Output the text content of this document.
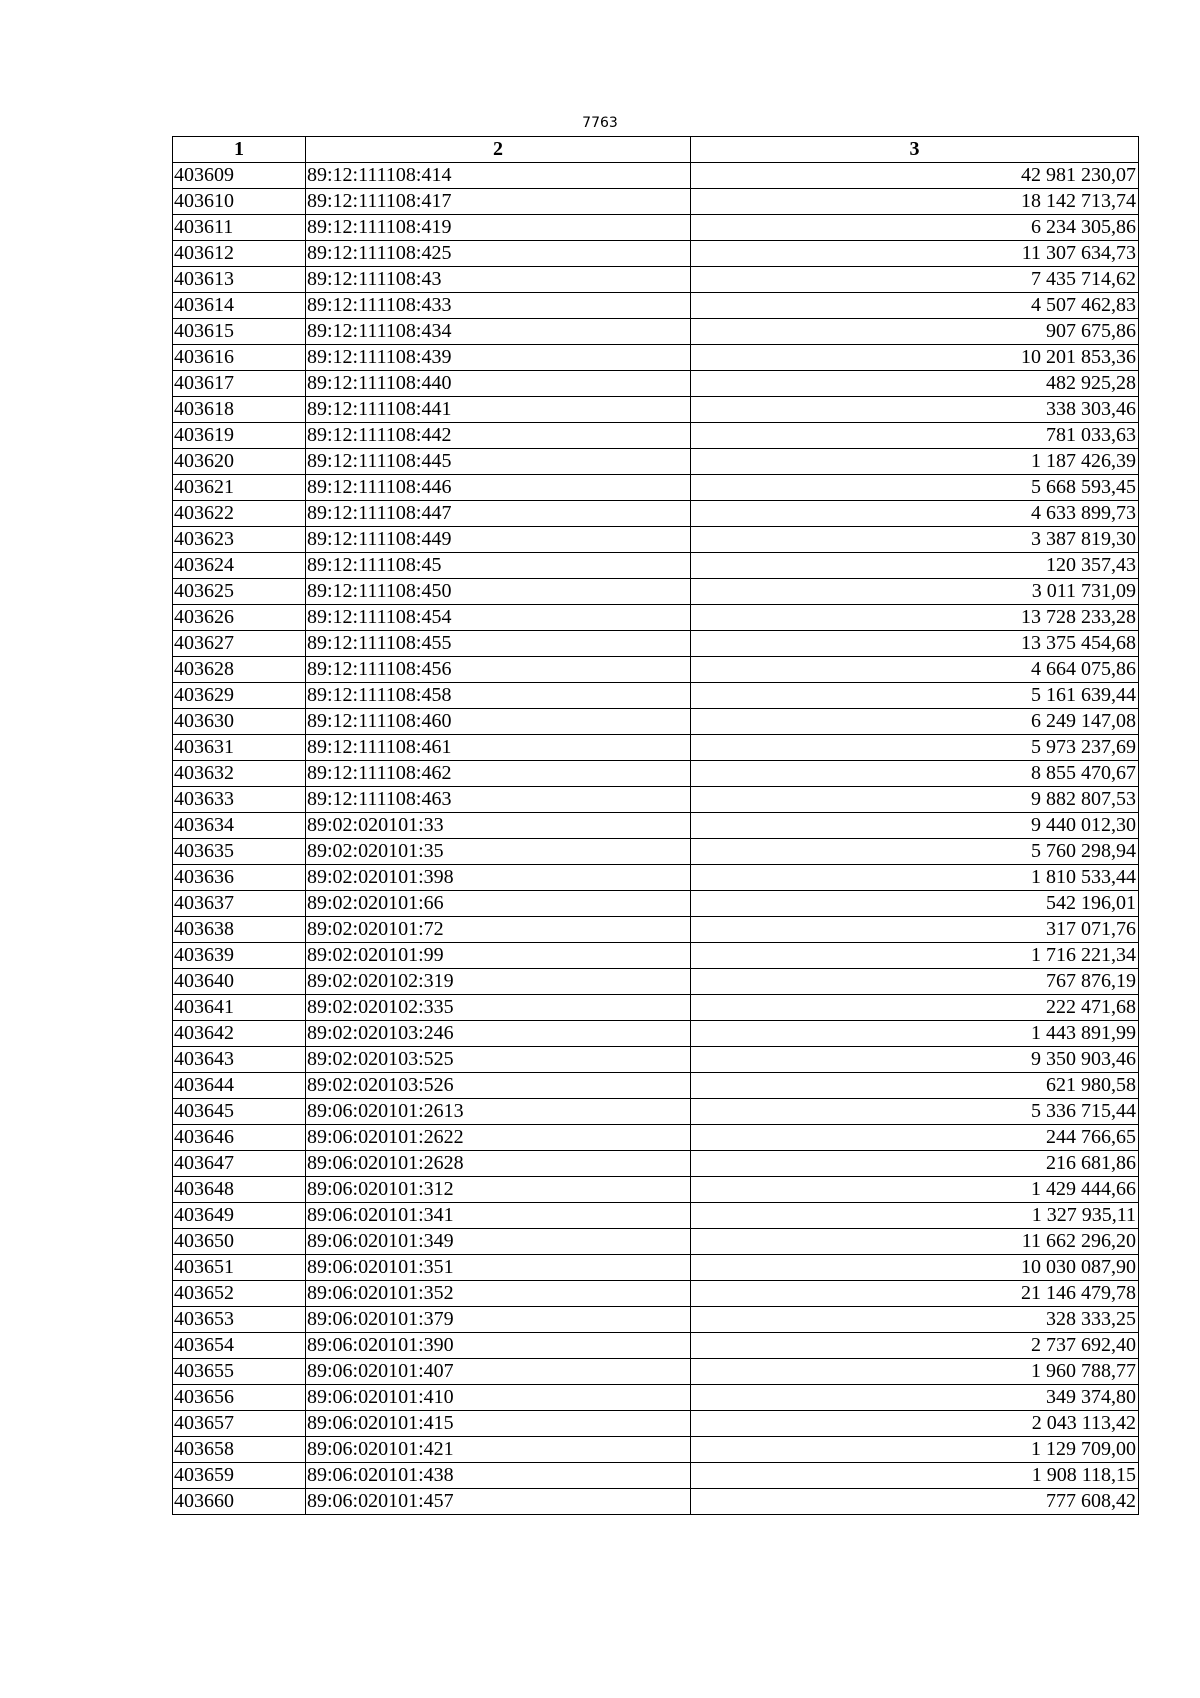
7763
1	2	3
403609	89:12:111108:414	42 981 230,07
403610	89:12:111108:417	18 142 713,74
403611	89:12:111108:419	6 234 305,86
403612	89:12:111108:425	11 307 634,73
403613	89:12:111108:43	7 435 714,62
403614	89:12:111108:433	4 507 462,83
403615	89:12:111108:434	907 675,86
403616	89:12:111108:439	10 201 853,36
403617	89:12:111108:440	482 925,28
403618	89:12:111108:441	338 303,46
403619	89:12:111108:442	781 033,63
403620	89:12:111108:445	1 187 426,39
403621	89:12:111108:446	5 668 593,45
403622	89:12:111108:447	4 633 899,73
403623	89:12:111108:449	3 387 819,30
403624	89:12:111108:45	120 357,43
403625	89:12:111108:450	3 011 731,09
403626	89:12:111108:454	13 728 233,28
403627	89:12:111108:455	13 375 454,68
403628	89:12:111108:456	4 664 075,86
403629	89:12:111108:458	5 161 639,44
403630	89:12:111108:460	6 249 147,08
403631	89:12:111108:461	5 973 237,69
403632	89:12:111108:462	8 855 470,67
403633	89:12:111108:463	9 882 807,53
403634	89:02:020101:33	9 440 012,30
403635	89:02:020101:35	5 760 298,94
403636	89:02:020101:398	1 810 533,44
403637	89:02:020101:66	542 196,01
403638	89:02:020101:72	317 071,76
403639	89:02:020101:99	1 716 221,34
403640	89:02:020102:319	767 876,19
403641	89:02:020102:335	222 471,68
403642	89:02:020103:246	1 443 891,99
403643	89:02:020103:525	9 350 903,46
403644	89:02:020103:526	621 980,58
403645	89:06:020101:2613	5 336 715,44
403646	89:06:020101:2622	244 766,65
403647	89:06:020101:2628	216 681,86
403648	89:06:020101:312	1 429 444,66
403649	89:06:020101:341	1 327 935,11
403650	89:06:020101:349	11 662 296,20
403651	89:06:020101:351	10 030 087,90
403652	89:06:020101:352	21 146 479,78
403653	89:06:020101:379	328 333,25
403654	89:06:020101:390	2 737 692,40
403655	89:06:020101:407	1 960 788,77
403656	89:06:020101:410	349 374,80
403657	89:06:020101:415	2 043 113,42
403658	89:06:020101:421	1 129 709,00
403659	89:06:020101:438	1 908 118,15
403660	89:06:020101:457	777 608,42
